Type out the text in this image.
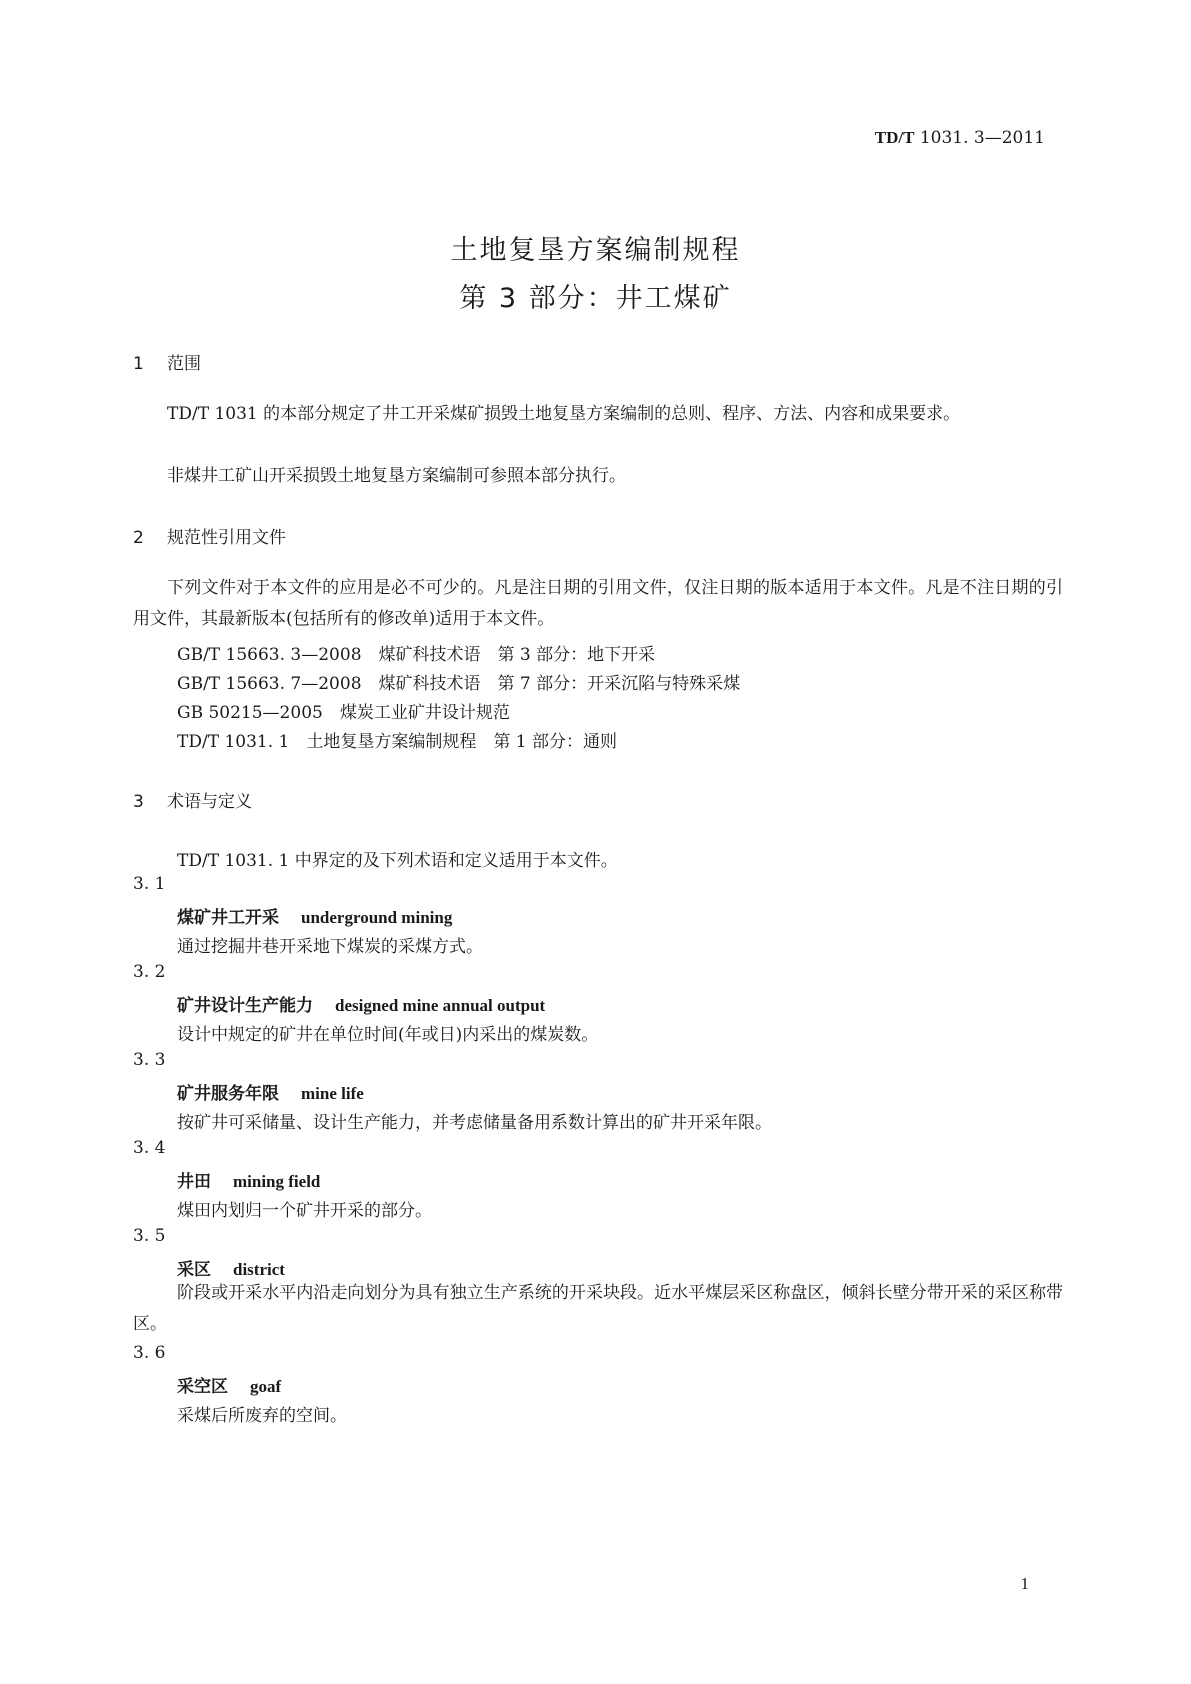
TD/T 1031. 3—2011
土地复垦方案编制规程
第 3 部分：井工煤矿
1 范围
TD/T 1031 的本部分规定了井工开采煤矿损毁土地复垦方案编制的总则、程序、方法、内容和成果要求。
非煤井工矿山开采损毁土地复垦方案编制可参照本部分执行。
2 规范性引用文件
下列文件对于本文件的应用是必不可少的。凡是注日期的引用文件，仅注日期的版本适用于本文件。凡是不注日期的引用文件，其最新版本(包括所有的修改单)适用于本文件。
GB/T 15663. 3—2008　煤矿科技术语　第 3 部分：地下开采
GB/T 15663. 7—2008　煤矿科技术语　第 7 部分：开采沉陷与特殊采煤
GB 50215—2005　煤炭工业矿井设计规范
TD/T 1031. 1　土地复垦方案编制规程　第 1 部分：通则
3 术语与定义
TD/T 1031. 1 中界定的及下列术语和定义适用于本文件。
3. 1
煤矿井工开采 underground mining
通过挖掘井巷开采地下煤炭的采煤方式。
3. 2
矿井设计生产能力 designed mine annual output
设计中规定的矿井在单位时间(年或日)内采出的煤炭数。
3. 3
矿井服务年限 mine life
按矿井可采储量、设计生产能力，并考虑储量备用系数计算出的矿井开采年限。
3. 4
井田 mining field
煤田内划归一个矿井开采的部分。
3. 5
采区 district
阶段或开采水平内沿走向划分为具有独立生产系统的开采块段。近水平煤层采区称盘区，倾斜长壁分带开采的采区称带区。
3. 6
采空区 goaf
采煤后所废弃的空间。
1
